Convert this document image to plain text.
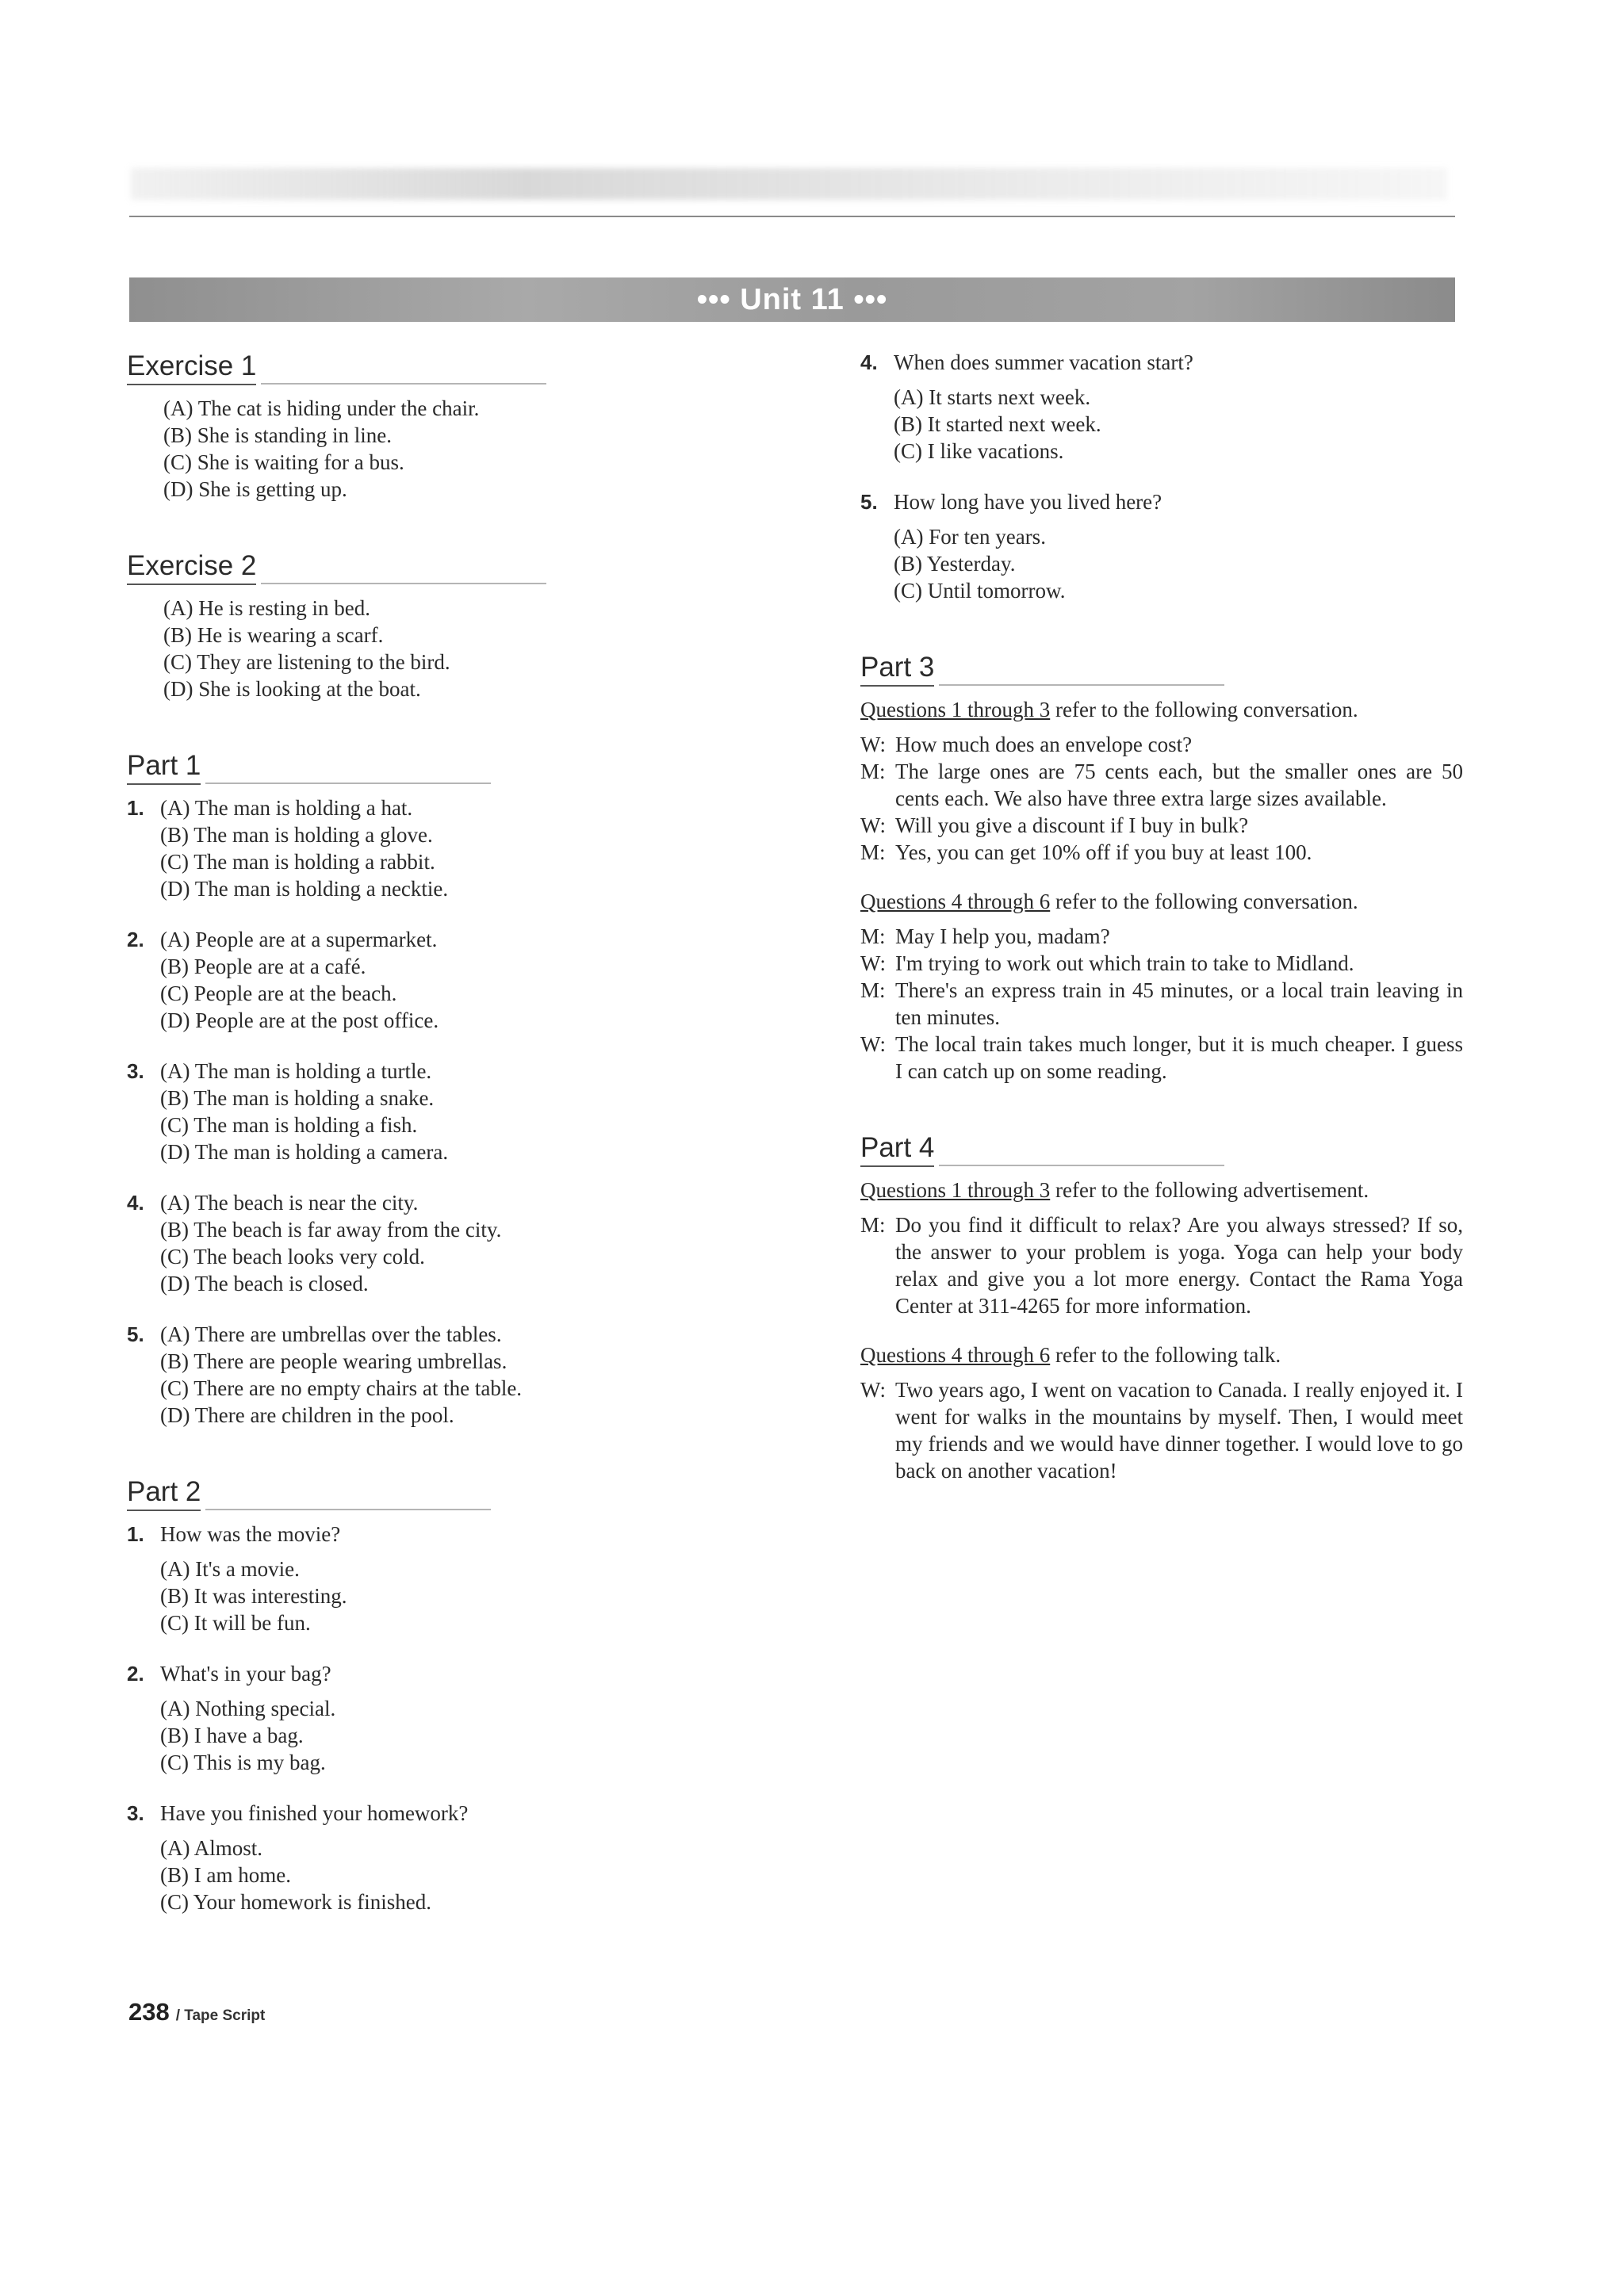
••• Unit 11 •••
Exercise 1
(A) The cat is hiding under the chair.
(B) She is standing in line.
(C) She is waiting for a bus.
(D) She is getting up.
Exercise 2
(A) He is resting in bed.
(B) He is wearing a scarf.
(C) They are listening to the bird.
(D) She is looking at the boat.
Part 1
1. (A) The man is holding a hat.
(B) The man is holding a glove.
(C) The man is holding a rabbit.
(D) The man is holding a necktie.
2. (A) People are at a supermarket.
(B) People are at a café.
(C) People are at the beach.
(D) People are at the post office.
3. (A) The man is holding a turtle.
(B) The man is holding a snake.
(C) The man is holding a fish.
(D) The man is holding a camera.
4. (A) The beach is near the city.
(B) The beach is far away from the city.
(C) The beach looks very cold.
(D) The beach is closed.
5. (A) There are umbrellas over the tables.
(B) There are people wearing umbrellas.
(C) There are no empty chairs at the table.
(D) There are children in the pool.
Part 2
1. How was the movie?
(A) It's a movie.
(B) It was interesting.
(C) It will be fun.
2. What's in your bag?
(A) Nothing special.
(B) I have a bag.
(C) This is my bag.
3. Have you finished your homework?
(A) Almost.
(B) I am home.
(C) Your homework is finished.
4. When does summer vacation start?
(A) It starts next week.
(B) It started next week.
(C) I like vacations.
5. How long have you lived here?
(A) For ten years.
(B) Yesterday.
(C) Until tomorrow.
Part 3
Questions 1 through 3 refer to the following conversation.
W: How much does an envelope cost?
M: The large ones are 75 cents each, but the smaller ones are 50 cents each. We also have three extra large sizes available.
W: Will you give a discount if I buy in bulk?
M: Yes, you can get 10% off if you buy at least 100.
Questions 4 through 6 refer to the following conversation.
M: May I help you, madam?
W: I'm trying to work out which train to take to Midland.
M: There's an express train in 45 minutes, or a local train leaving in ten minutes.
W: The local train takes much longer, but it is much cheaper. I guess I can catch up on some reading.
Part 4
Questions 1 through 3 refer to the following advertisement.
M: Do you find it difficult to relax? Are you always stressed? If so, the answer to your problem is yoga. Yoga can help your body relax and give you a lot more energy. Contact the Rama Yoga Center at 311-4265 for more information.
Questions 4 through 6 refer to the following talk.
W: Two years ago, I went on vacation to Canada. I really enjoyed it. I went for walks in the mountains by myself. Then, I would meet my friends and we would have dinner together. I would love to go back on another vacation!
238 / Tape Script
